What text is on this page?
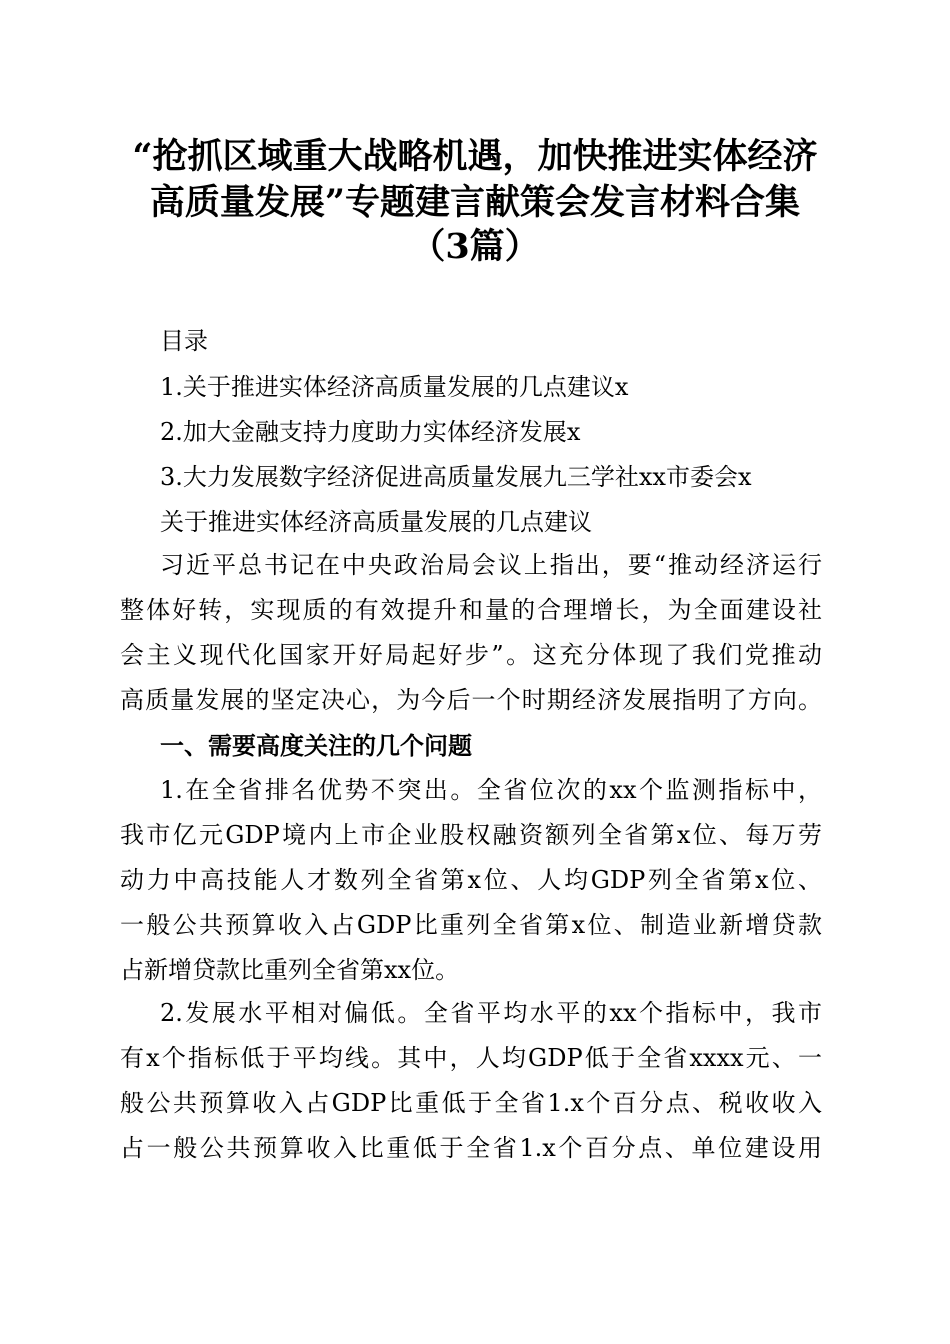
“抢抓区域重大战略机遇，加快推进实体经济
高质量发展”专题建言献策会发言材料合集
（3篇）
目录
1.关于推进实体经济高质量发展的几点建议x
2.加大金融支持力度助力实体经济发展x
3.大力发展数字经济促进高质量发展九三学社xx市委会x
关于推进实体经济高质量发展的几点建议
习近平总书记在中央政治局会议上指出，要“推动经济运行
整体好转，实现质的有效提升和量的合理增长，为全面建设社
会主义现代化国家开好局起好步”。这充分体现了我们党推动
高质量发展的坚定决心，为今后一个时期经济发展指明了方向。
一、需要高度关注的几个问题
1.在全省排名优势不突出。全省位次的xx个监测指标中，
我市亿元GDP境内上市企业股权融资额列全省第x位、每万劳
动力中高技能人才数列全省第x位、人均GDP列全省第x位、
一般公共预算收入占GDP比重列全省第x位、制造业新增贷款
占新增贷款比重列全省第xx位。
2.发展水平相对偏低。全省平均水平的xx个指标中，我市
有x个指标低于平均线。其中，人均GDP低于全省xxxx元、一
般公共预算收入占GDP比重低于全省1.x个百分点、税收收入
占一般公共预算收入比重低于全省1.x个百分点、单位建设用
